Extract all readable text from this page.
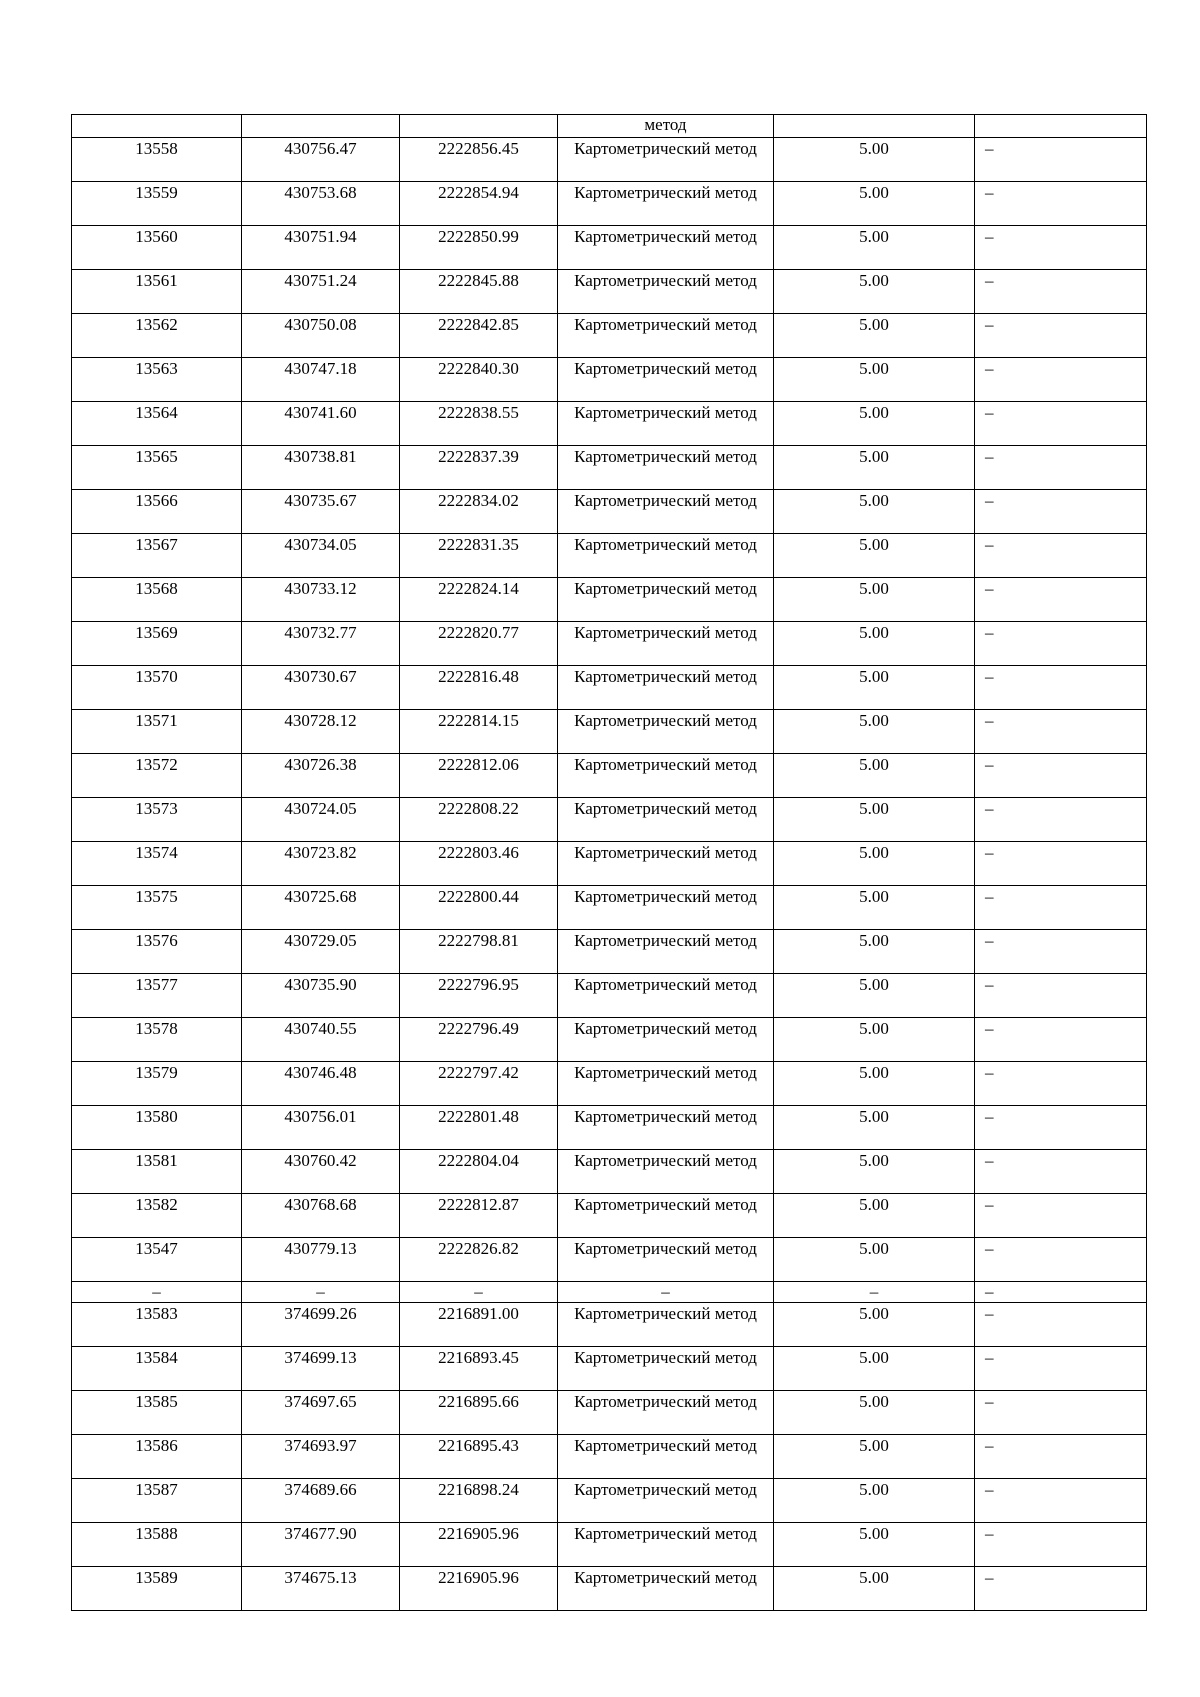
			метод		

13558	430756.47	2222856.45	Картометрический метод	5.00	–

13559	430753.68	2222854.94	Картометрический метод	5.00	–

13560	430751.94	2222850.99	Картометрический метод	5.00	–

13561	430751.24	2222845.88	Картометрический метод	5.00	–

13562	430750.08	2222842.85	Картометрический метод	5.00	–

13563	430747.18	2222840.30	Картометрический метод	5.00	–

13564	430741.60	2222838.55	Картометрический метод	5.00	–

13565	430738.81	2222837.39	Картометрический метод	5.00	–

13566	430735.67	2222834.02	Картометрический метод	5.00	–

13567	430734.05	2222831.35	Картометрический метод	5.00	–

13568	430733.12	2222824.14	Картометрический метод	5.00	–

13569	430732.77	2222820.77	Картометрический метод	5.00	–

13570	430730.67	2222816.48	Картометрический метод	5.00	–

13571	430728.12	2222814.15	Картометрический метод	5.00	–

13572	430726.38	2222812.06	Картометрический метод	5.00	–

13573	430724.05	2222808.22	Картометрический метод	5.00	–

13574	430723.82	2222803.46	Картометрический метод	5.00	–

13575	430725.68	2222800.44	Картометрический метод	5.00	–

13576	430729.05	2222798.81	Картометрический метод	5.00	–

13577	430735.90	2222796.95	Картометрический метод	5.00	–

13578	430740.55	2222796.49	Картометрический метод	5.00	–

13579	430746.48	2222797.42	Картометрический метод	5.00	–

13580	430756.01	2222801.48	Картометрический метод	5.00	–

13581	430760.42	2222804.04	Картометрический метод	5.00	–

13582	430768.68	2222812.87	Картометрический метод	5.00	–

13547	430779.13	2222826.82	Картометрический метод	5.00	–

–	–	–	–	–	–

13583	374699.26	2216891.00	Картометрический метод	5.00	–

13584	374699.13	2216893.45	Картометрический метод	5.00	–

13585	374697.65	2216895.66	Картометрический метод	5.00	–

13586	374693.97	2216895.43	Картометрический метод	5.00	–

13587	374689.66	2216898.24	Картометрический метод	5.00	–

13588	374677.90	2216905.96	Картометрический метод	5.00	–

13589	374675.13	2216905.96	Картометрический метод	5.00	–
